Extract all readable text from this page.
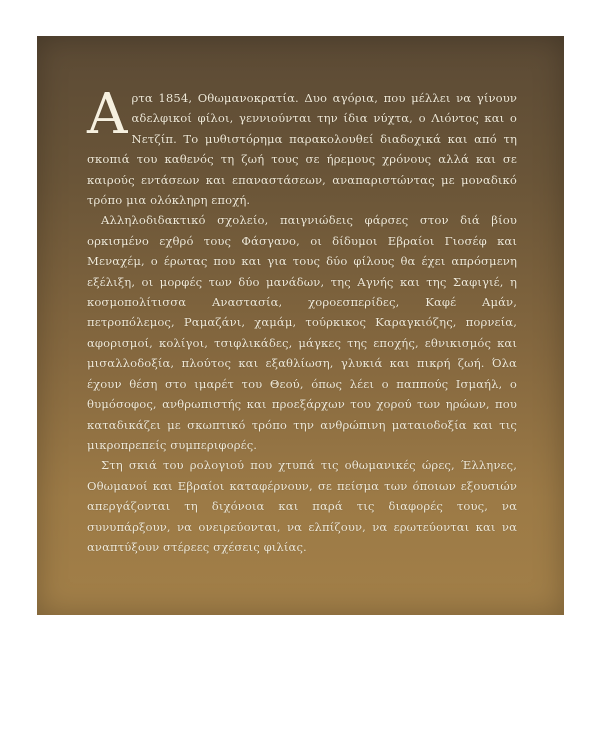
Αρτα 1854, Οθωμανοκρατία. Δυο αγόρια, που μέλλει να γίνουν αδελφικοί φίλοι, γεννιούνται την ίδια νύχτα, ο Λιόντος και ο Νετζίπ. Το μυθιστόρημα παρακολουθεί διαδοχικά και από τη σκοπιά του καθενός τη ζωή τους σε ήρεμους χρόνους αλλά και σε καιρούς εντάσεων και επαναστάσεων, αναπαριστώντας με μοναδικό τρόπο μια ολόκληρη εποχή.

Αλληλοδιδακτικό σχολείο, παιγνιώδεις φάρσες στον διά βίου ορκισμένο εχθρό τους Φάσγανο, οι δίδυμοι Εβραίοι Γιοσέφ και Μεναχέμ, ο έρωτας που και για τους δύο φίλους θα έχει απρόσμενη εξέλιξη, οι μορφές των δύο μανάδων, της Αγνής και της Σαφιγιέ, η κοσμοπολίτισσα Αναστασία, χοροεσπερίδες, Καφέ Αμάν, πετροπόλεμος, Ραμαζάνι, χαμάμ, τούρκικος Καραγκιόζης, πορνεία, αφορισμοί, κολίγοι, τσιφλικάδες, μάγκες της εποχής, εθνικισμός και μισαλλοδοξία, πλούτος και εξαθλίωση, γλυκιά και πικρή ζωή. Όλα έχουν θέση στο ιμαρέτ του Θεού, όπως λέει ο παππούς Ισμαήλ, ο θυμόσοφος, ανθρωπιστής και προεξάρχων του χορού των ηρώων, που καταδικάζει με σκωπτικό τρόπο την ανθρώπινη ματαιοδοξία και τις μικροπρεπείς συμπεριφορές.

Στη σκιά του ρολογιού που χτυπά τις οθωμανικές ώρες, Έλληνες, Οθωμανοί και Εβραίοι καταφέρνουν, σε πείσμα των όποιων εξουσιών απεργάζονται τη διχόνοια και παρά τις διαφορές τους, να συνυπάρξουν, να ονειρεύονται, να ελπίζουν, να ερωτεύονται και να αναπτύξουν στέρεες σχέσεις φιλίας.
